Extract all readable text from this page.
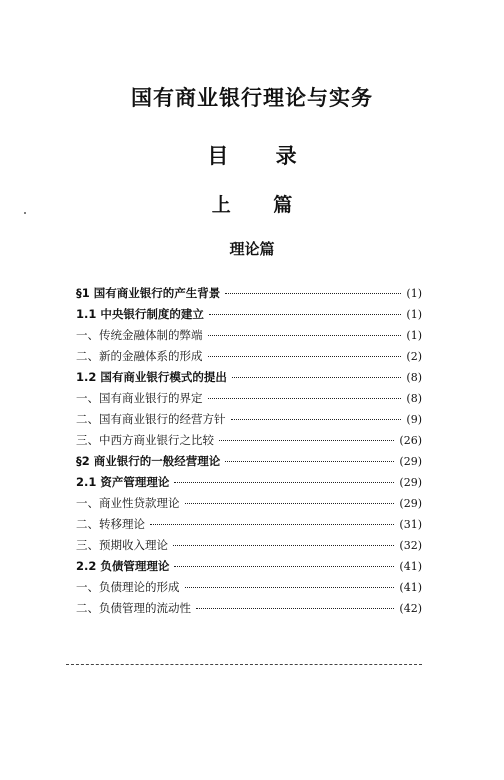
国有商业银行理论与实务
目 录
上 篇
理论篇
§1 国有商业银行的产生背景	(1)
1.1 中央银行制度的建立	(1)
一、传统金融体制的弊端	(1)
二、新的金融体系的形成	(2)
1.2 国有商业银行模式的提出	(8)
一、国有商业银行的界定	(8)
二、国有商业银行的经营方针	(9)
三、中西方商业银行之比较	(26)
§2 商业银行的一般经营理论	(29)
2.1 资产管理理论	(29)
一、商业性贷款理论	(29)
二、转移理论	(31)
三、预期收入理论	(32)
2.2 负债管理理论	(41)
一、负债理论的形成	(41)
二、负债管理的流动性	(42)
